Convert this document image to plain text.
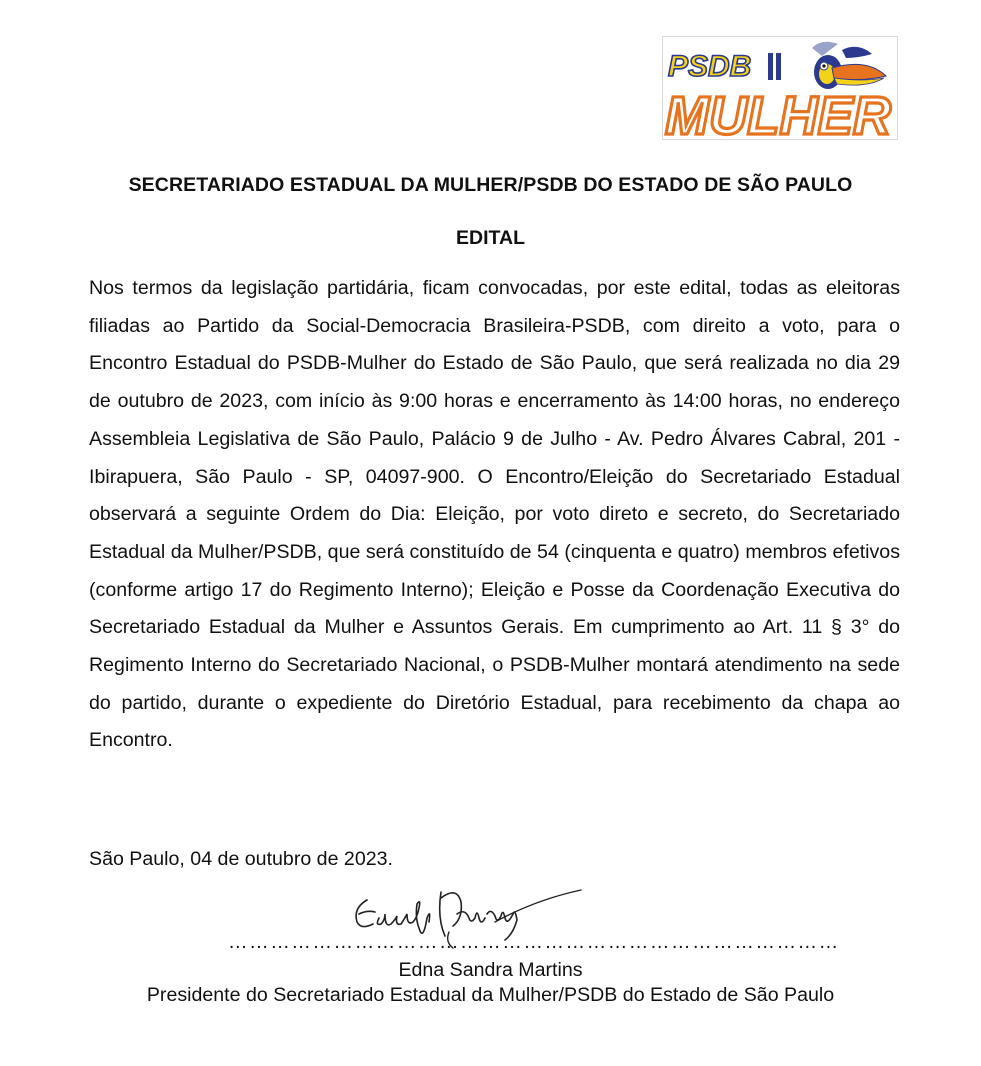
PSDB
MULHER
SECRETARIADO ESTADUAL DA MULHER/PSDB DO ESTADO DE SÃO PAULO
EDITAL

Nos termos da legislação partidária, ficam convocadas, por este edital, todas as eleitoras filiadas ao Partido da Social-Democracia Brasileira-PSDB, com direito a voto, para o Encontro Estadual do PSDB-Mulher do Estado de São Paulo, que será realizada no dia 29 de outubro de 2023, com início às 9:00 horas e encerramento às 14:00 horas, no endereço Assembleia Legislativa de São Paulo, Palácio 9 de Julho - Av. Pedro Álvares Cabral, 201 - Ibirapuera, São Paulo - SP, 04097-900. O Encontro/Eleição do Secretariado Estadual observará a seguinte Ordem do Dia: Eleição, por voto direto e secreto, do Secretariado Estadual da Mulher/PSDB, que será constituído de 54 (cinquenta e quatro) membros efetivos (conforme artigo 17 do Regimento Interno); Eleição e Posse da Coordenação Executiva do Secretariado Estadual da Mulher e Assuntos Gerais. Em cumprimento ao Art. 11 § 3° do Regimento Interno do Secretariado Nacional, o PSDB-Mulher montará atendimento na sede do partido, durante o expediente do Diretório Estadual, para recebimento da chapa ao Encontro.

São Paulo, 04 de outubro de 2023.

……………………………………………………………………………

Edna Sandra Martins

Presidente do Secretariado Estadual da Mulher/PSDB do Estado de São Paulo
